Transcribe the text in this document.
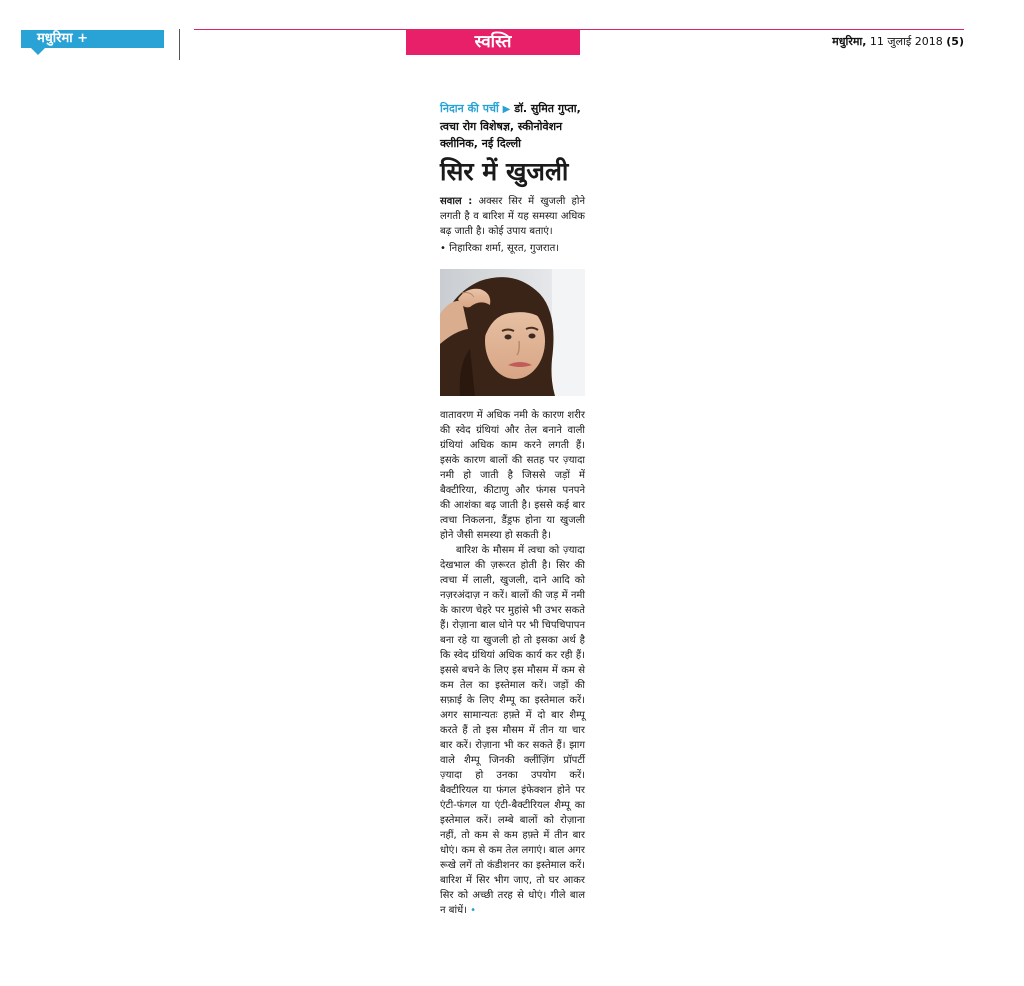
मधुरिमा +	स्वस्ति	मधुरिमा, 11 जुलाई 2018 (5)
निदान की पर्ची ▶ डॉ. सुमित गुप्ता, त्वचा रोग विशेषज्ञ, स्कीनोवेशन क्लीनिक, नई दिल्ली
सिर में खुजली
सवाल : अक्सर सिर में खुजली होने लगती है व बारिश में यह समस्या अधिक बढ़ जाती है। कोई उपाय बताएं।
• निहारिका शर्मा, सूरत, गुजरात।

वातावरण में अधिक नमी के कारण शरीर की स्वेद ग्रंथियां और तेल बनाने वाली ग्रंथियां अधिक काम करने लगती हैं। इसके कारण बालों की सतह पर ज़्यादा नमी हो जाती है जिससे जड़ों में बैक्टीरिया, कीटाणु और फंगस पनपने की आशंका बढ़ जाती है। इससे कई बार त्वचा निकलना, डैंड्रफ होना या खुजली होने जैसी समस्या हो सकती है।

बारिश के मौसम में त्वचा को ज़्यादा देखभाल की ज़रूरत होती है। सिर की त्वचा में लाली, खुजली, दाने आदि को नज़रअंदाज़ न करें। बालों की जड़ में नमी के कारण चेहरे पर मुहांसे भी उभर सकते हैं। रोज़ाना बाल धोने पर भी चिपचिपापन बना रहे या खुजली हो तो इसका अर्थ है कि स्वेद ग्रंथियां अधिक कार्य कर रही हैं। इससे बचने के लिए इस मौसम में कम से कम तेल का इस्तेमाल करें। जड़ों की सफ़ाई के लिए शैम्पू का इस्तेमाल करें। अगर सामान्यतः हफ़्ते में दो बार शैम्पू करते हैं तो इस मौसम में तीन या चार बार करें। रोज़ाना भी कर सकते हैं। झाग वाले शैम्पू जिनकी क्लींज़िंग प्रॉपर्टी ज़्यादा हो उनका उपयोग करें। बैक्टीरियल या फंगल इंफेक्शन होने पर एंटी-फंगल या एंटी-बैक्टीरियल शैम्पू का इस्तेमाल करें। लम्बे बालों को रोज़ाना नहीं, तो कम से कम हफ़्ते में तीन बार धोएं। कम से कम तेल लगाएं। बाल अगर रूखे लगें तो कंडीशनर का इस्तेमाल करें। बारिश में सिर भीग जाए, तो घर आकर सिर को अच्छी तरह से धोएं। गीले बाल न बांधें। •
